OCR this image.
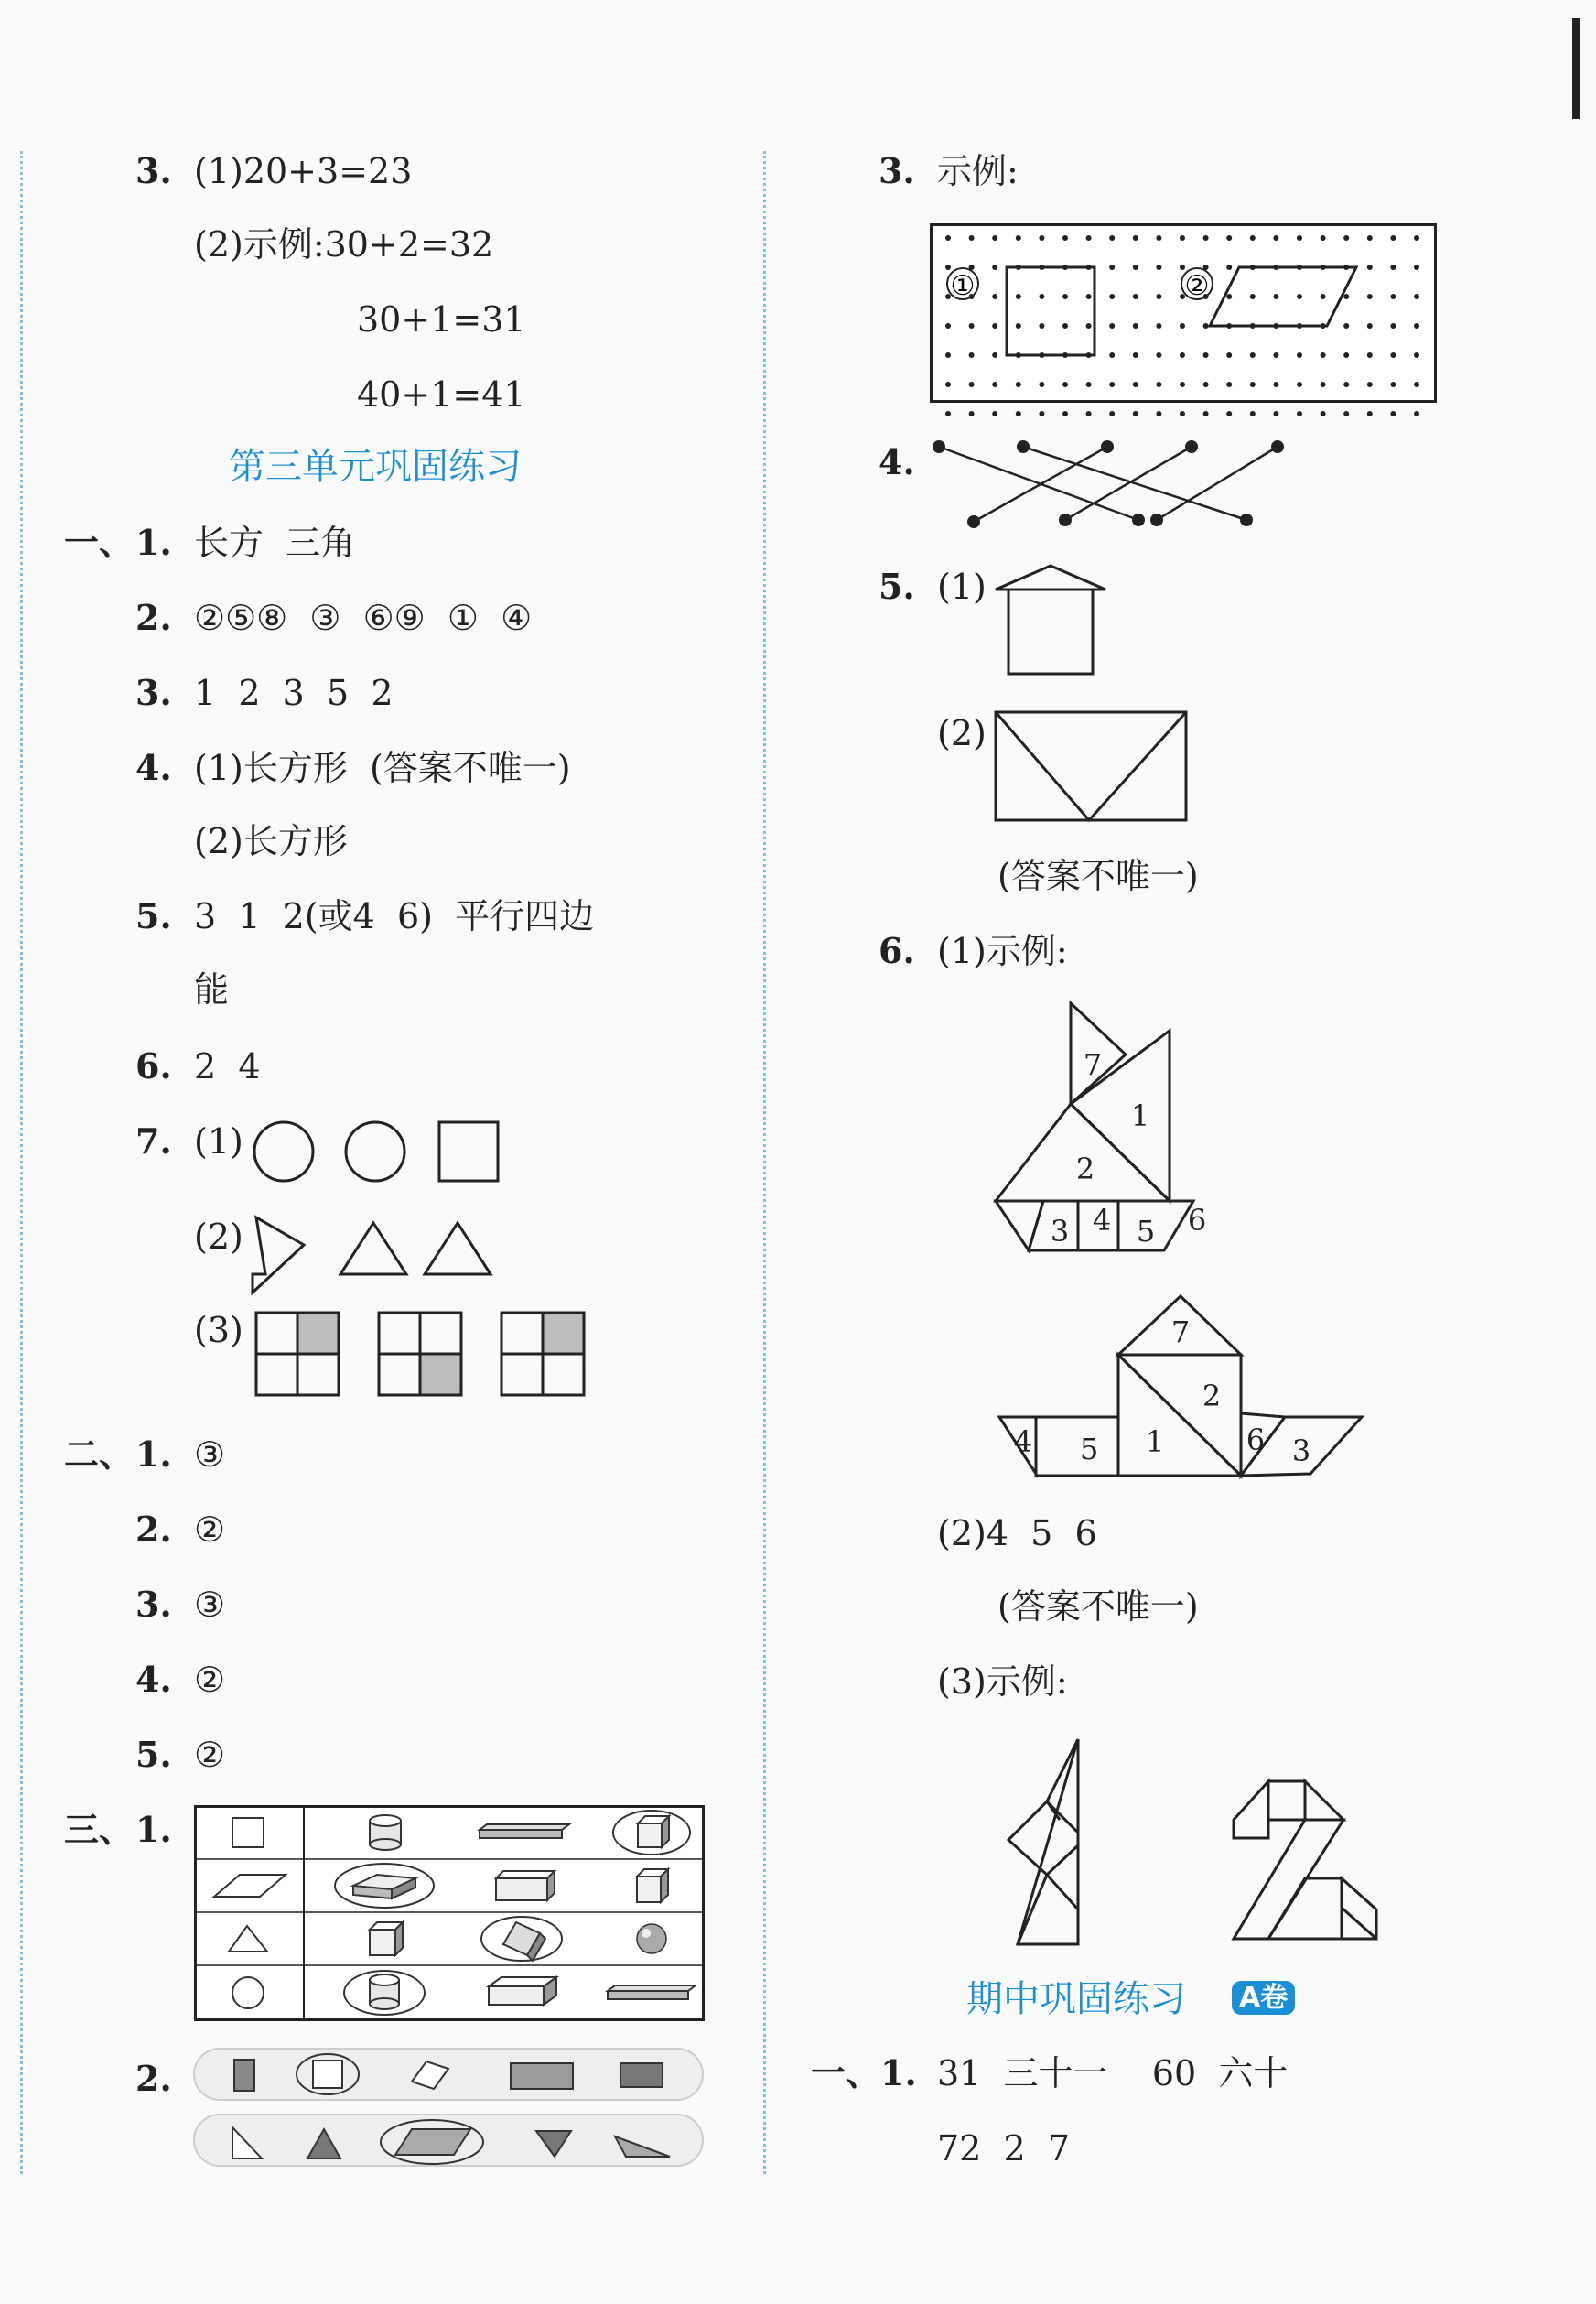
3. (1)20+3=23
(2)示例:30+2=32
30+1=31
40+1=41
第三单元巩固练习
一、 1. 长方  三角
2. ②⑤⑧  ③  ⑥⑨  ①  ④
3. 1  2  3  5  2
4. (1)长方形  (答案不唯一)
(2)长方形
5. 3  1  2(或4  6)  平行四边
能
6. 2  4
7. (1)
(2)
(3)
二、 1. ③
2. ②
3. ③
4. ②
5. ②
三、 1.
2.
3. 示例:
①	②
4.
5. (1)
(2)
(答案不唯一)
6. (1)示例:
7
1
2
3 4 5 6
7
2
4 5 1	6 3
(2)4  5  6
(答案不唯一)
(3)示例:
期中巩固练习 A卷
一、 1. 31  三十一    60  六十
72  2  7
